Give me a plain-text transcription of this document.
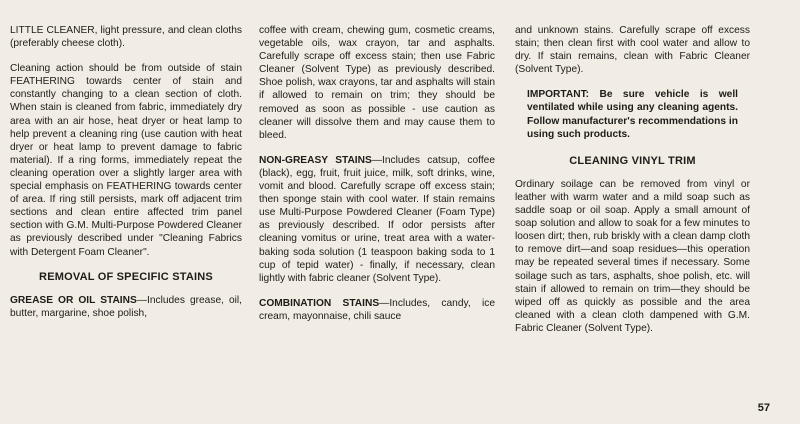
LITTLE CLEANER, light pressure, and clean cloths (preferably cheese cloth).

Cleaning action should be from outside of stain FEATHERING towards center of stain and constantly changing to a clean section of cloth. When stain is cleaned from fabric, immediately dry area with an air hose, heat dryer or heat lamp to help prevent a cleaning ring (use caution with heat dryer or heat lamp to prevent damage to fabric material). If a ring forms, immediately repeat the cleaning operation over a slightly larger area with special emphasis on FEATHERING towards center of area. If ring still persists, mark off adjacent trim sections and clean entire affected trim panel section with G.M. Multi-Purpose Powdered Cleaner as previously described under "Cleaning Fabrics with Detergent Foam Cleaner".

REMOVAL OF SPECIFIC STAINS

GREASE OR OIL STAINS—Includes grease, oil, butter, margarine, shoe polish,

coffee with cream, chewing gum, cosmetic creams, vegetable oils, wax crayon, tar and asphalts. Carefully scrape off excess stain; then use Fabric Cleaner (Solvent Type) as previously described. Shoe polish, wax crayons, tar and asphalts will stain if allowed to remain on trim; they should be removed as soon as possible - use caution as cleaner will dissolve them and may cause them to bleed.

NON-GREASY STAINS—Includes catsup, coffee (black), egg, fruit, fruit juice, milk, soft drinks, wine, vomit and blood. Carefully scrape off excess stain; then sponge stain with cool water. If stain remains use Multi-Purpose Powdered Cleaner (Foam Type) as previously described. If odor persists after cleaning vomitus or urine, treat area with a water-baking soda solution (1 teaspoon baking soda to 1 cup of tepid water) - finally, if necessary, clean lightly with fabric cleaner (Solvent Type).

COMBINATION STAINS—Includes, candy, ice cream, mayonnaise, chili sauce

and unknown stains. Carefully scrape off excess stain; then clean first with cool water and allow to dry. If stain remains, clean with Fabric Cleaner (Solvent Type).

IMPORTANT: Be sure vehicle is well ventilated while using any cleaning agents. Follow manufacturer's recommendations in using such products.

CLEANING VINYL TRIM

Ordinary soilage can be removed from vinyl or leather with warm water and a mild soap such as saddle soap or oil soap. Apply a small amount of soap solution and allow to soak for a few minutes to loosen dirt; then, rub briskly with a clean damp cloth to remove dirt—and soap residues—this operation may be repeated several times if necessary. Some soilage such as tars, asphalts, shoe polish, etc. will stain if allowed to remain on trim—they should be wiped off as quickly as possible and the area cleaned with a clean cloth dampened with G.M. Fabric Cleaner (Solvent Type).

57
